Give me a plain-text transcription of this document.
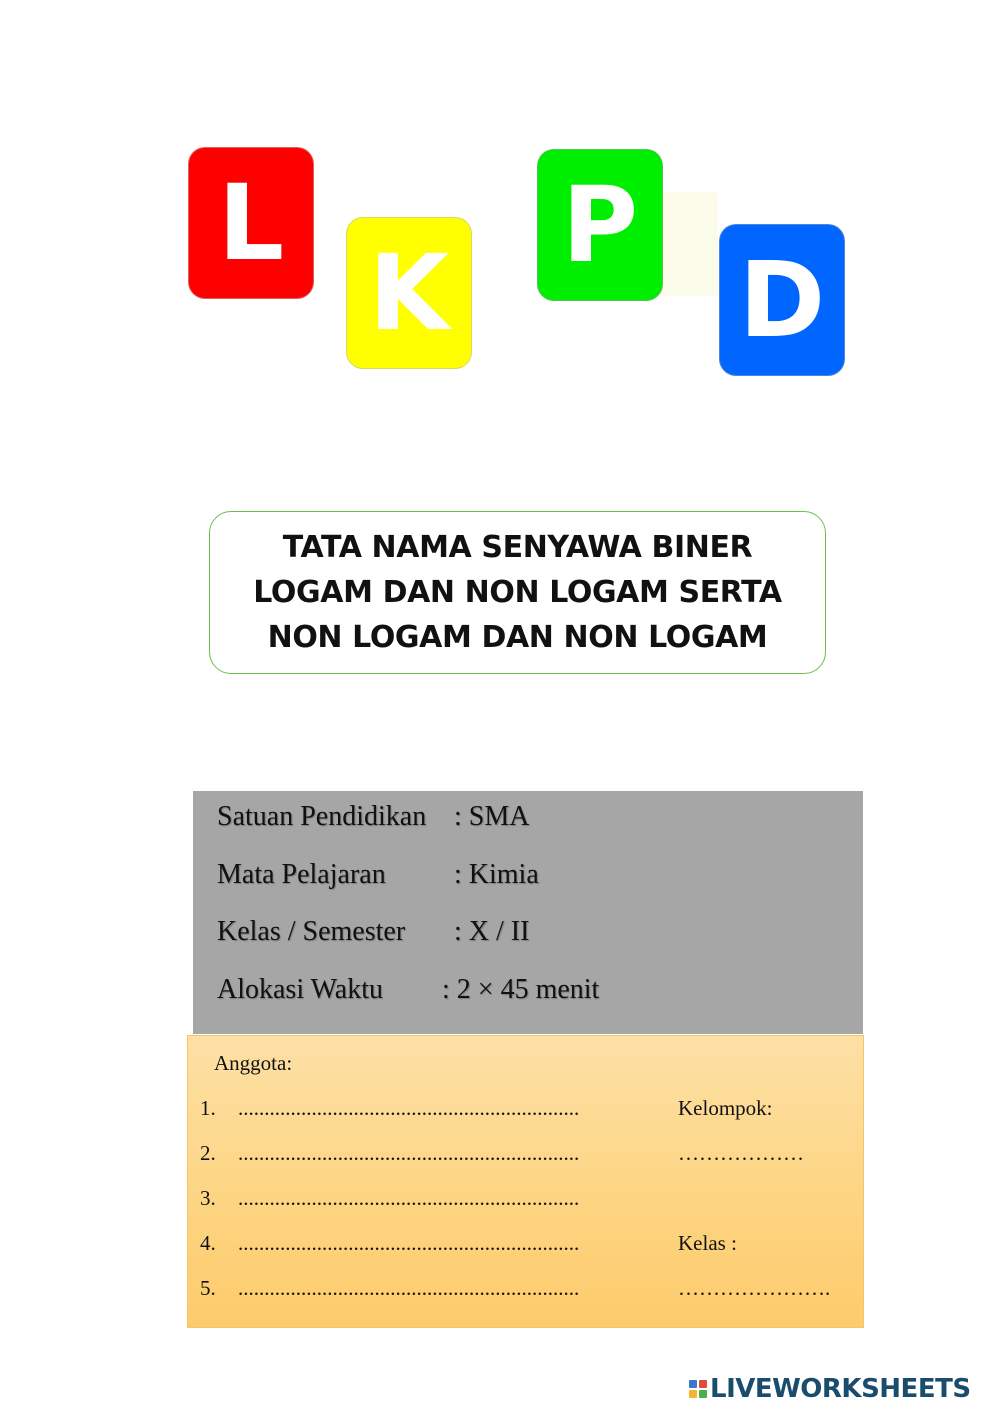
L
K
P
D
TATA NAMA SENYAWA BINER
LOGAM DAN NON LOGAM SERTA
NON LOGAM DAN NON LOGAM
Satuan Pendidikan : SMA
Mata Pelajaran : Kimia
Kelas / Semester : X / II
Alokasi Waktu : 2 × 45 menit
Anggota:
1. .................................................................
2. .................................................................
3. .................................................................
4. .................................................................
5. .................................................................
Kelompok:
………………
Kelas :
………………….
LIVEWORKSHEETS
